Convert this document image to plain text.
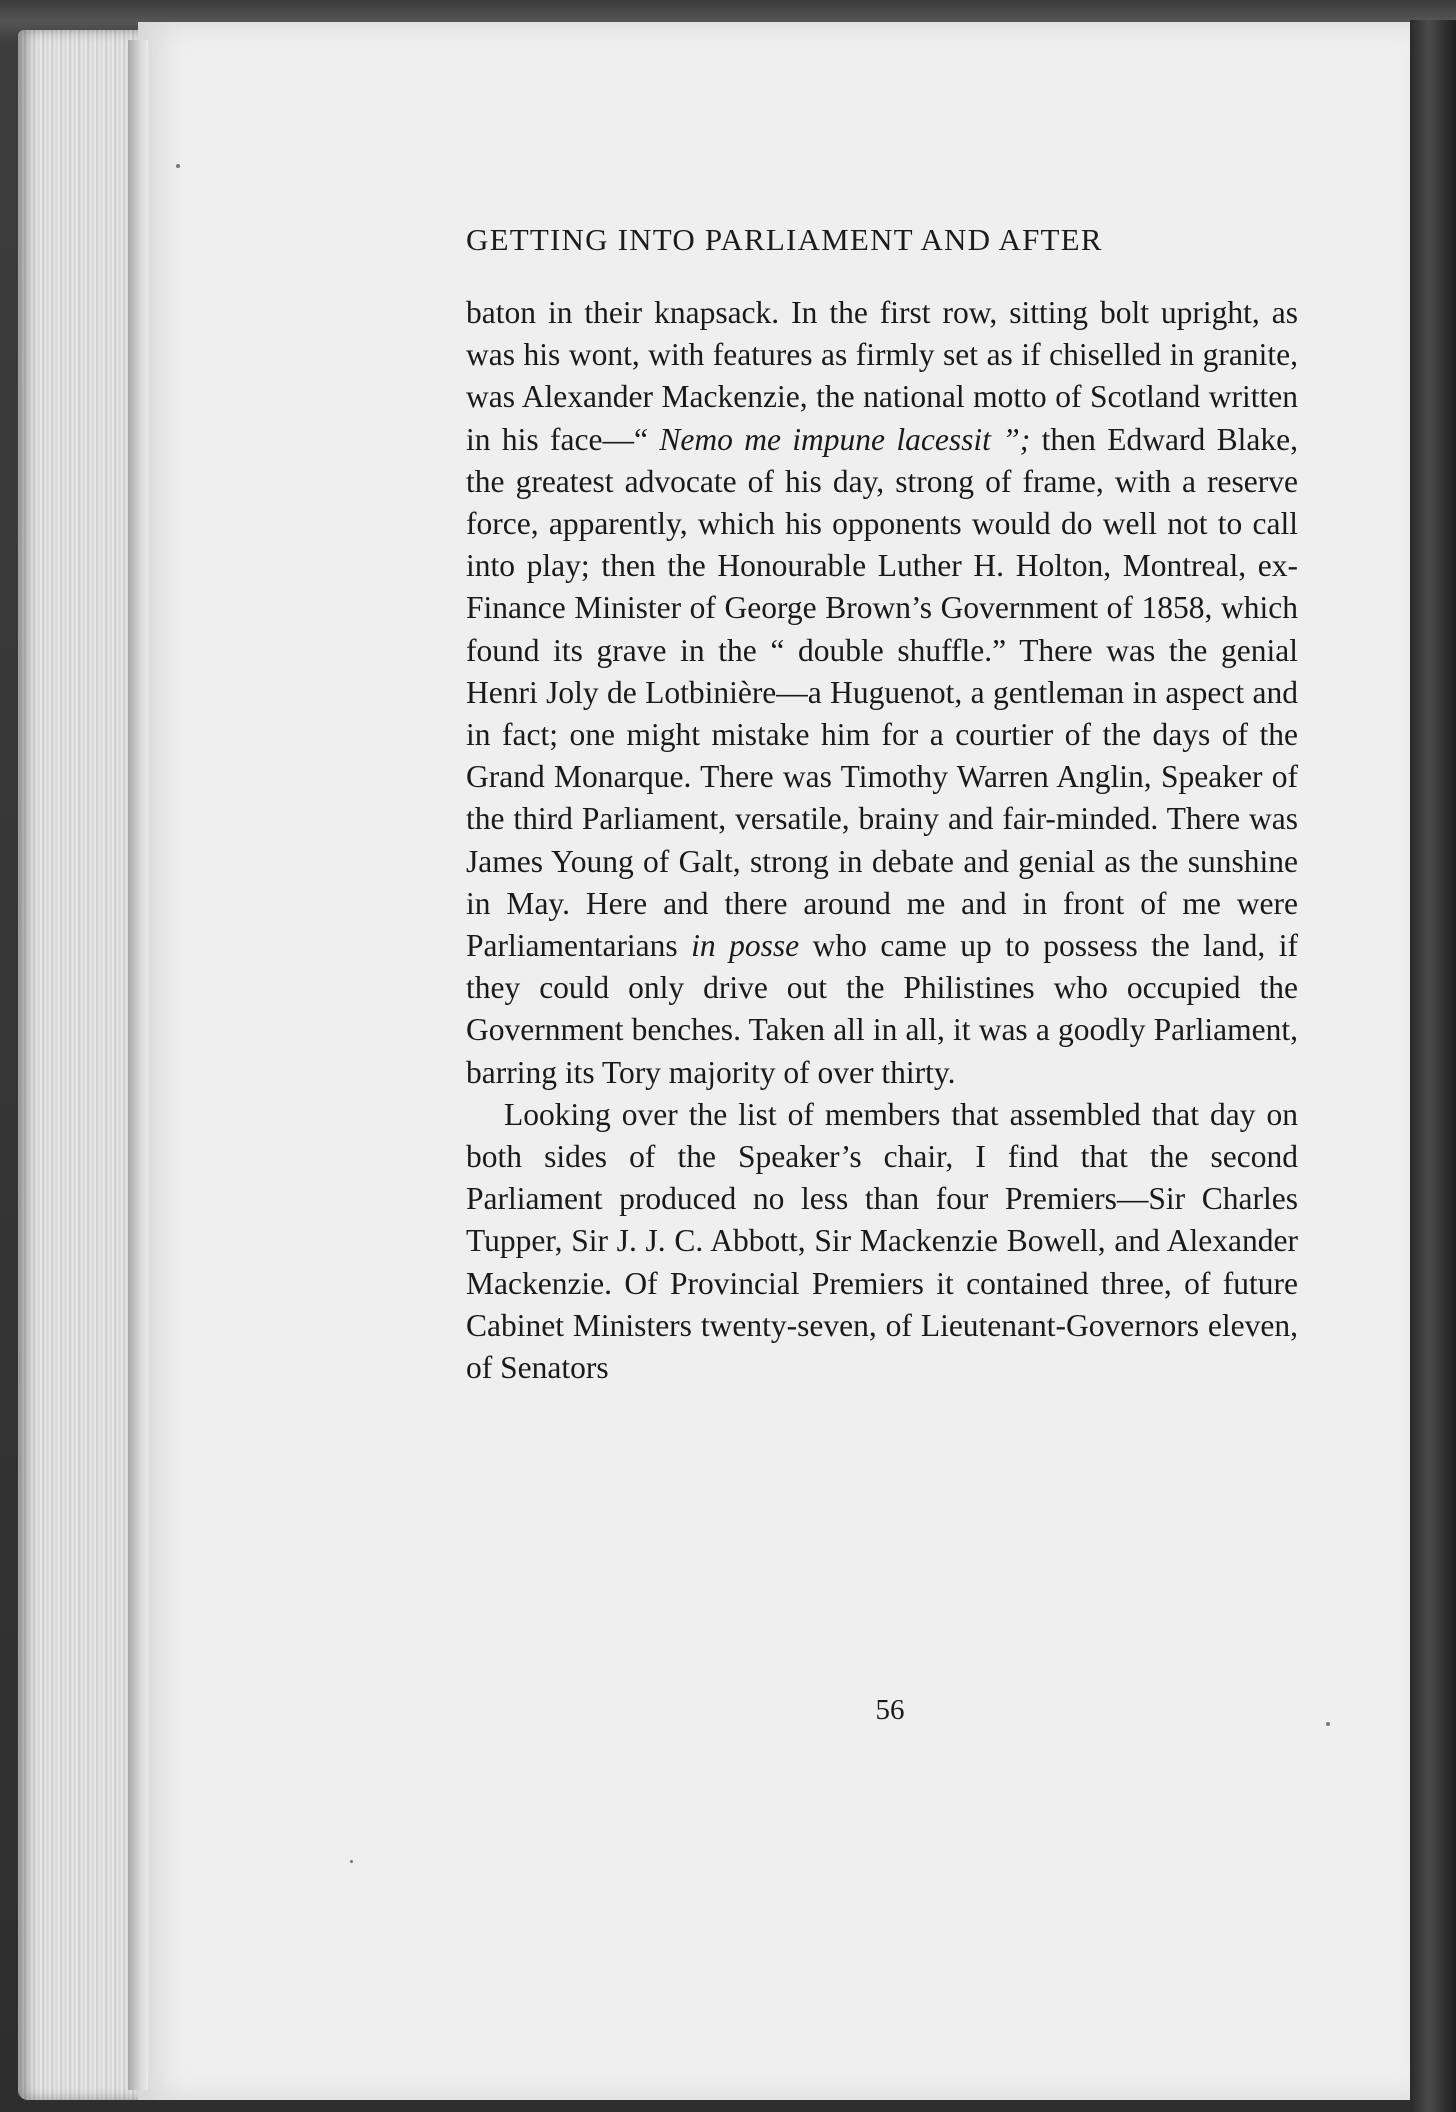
GETTING INTO PARLIAMENT AND AFTER

baton in their knapsack. In the first row, sitting bolt upright, as was his wont, with features as firmly set as if chiselled in granite, was Alexander Mackenzie, the national motto of Scotland written in his face—“ Nemo me impune lacessit ”; then Edward Blake, the greatest advocate of his day, strong of frame, with a reserve force, apparently, which his opponents would do well not to call into play; then the Honourable Luther H. Holton, Montreal, ex-Finance Minister of George Brown’s Government of 1858, which found its grave in the “ double shuffle.” There was the genial Henri Joly de Lotbinière—a Huguenot, a gentleman in aspect and in fact; one might mistake him for a courtier of the days of the Grand Monarque. There was Timothy Warren Anglin, Speaker of the third Parliament, versatile, brainy and fair-minded. There was James Young of Galt, strong in debate and genial as the sunshine in May. Here and there around me and in front of me were Parliamentarians in posse who came up to possess the land, if they could only drive out the Philistines who occupied the Government benches. Taken all in all, it was a goodly Parliament, barring its Tory majority of over thirty.

Looking over the list of members that assembled that day on both sides of the Speaker’s chair, I find that the second Parliament produced no less than four Premiers—Sir Charles Tupper, Sir J. J. C. Abbott, Sir Mackenzie Bowell, and Alexander Mackenzie. Of Provincial Premiers it contained three, of future Cabinet Ministers twenty-seven, of Lieutenant-Governors eleven, of Senators

56
